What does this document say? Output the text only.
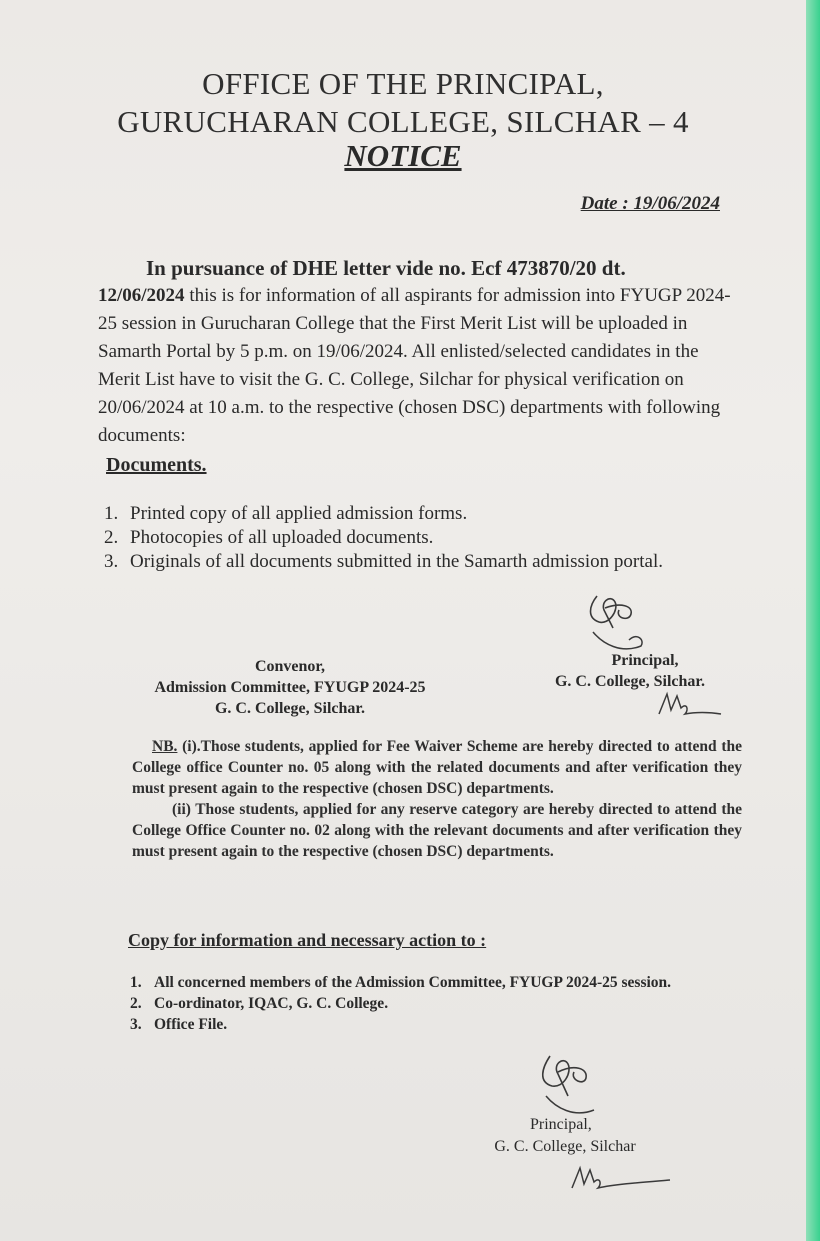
OFFICE OF THE PRINCIPAL,
GURUCHARAN COLLEGE, SILCHAR – 4
NOTICE
Date : 19/06/2024
In pursuance of DHE letter vide no. Ecf 473870/20 dt.
12/06/2024 this is for information of all aspirants for admission into FYUGP 2024-25 session in Gurucharan College that the First Merit List will be uploaded in Samarth Portal by 5 p.m. on 19/06/2024. All enlisted/selected candidates in the Merit List have to visit the G. C. College, Silchar for physical verification on 20/06/2024 at 10 a.m. to the respective (chosen DSC) departments with following documents:
Documents.
1. Printed copy of all applied admission forms.
2. Photocopies of all uploaded documents.
3. Originals of all documents submitted in the Samarth admission portal.
Convenor,
Admission Committee, FYUGP 2024-25
G. C. College, Silchar.
Principal,
G. C. College, Silchar.
NB. (i).Those students, applied for Fee Waiver Scheme are hereby directed to attend the College office Counter no. 05 along with the related documents and after verification they must present again to the respective (chosen DSC) departments.
(ii) Those students, applied for any reserve category are hereby directed to attend the College Office Counter no. 02 along with the relevant documents and after verification they must present again to the respective (chosen DSC) departments.
Copy for information and necessary action to :
1. All concerned members of the Admission Committee, FYUGP 2024-25 session.
2. Co-ordinator, IQAC, G. C. College.
3. Office File.
Principal,
G. C. College, Silchar
